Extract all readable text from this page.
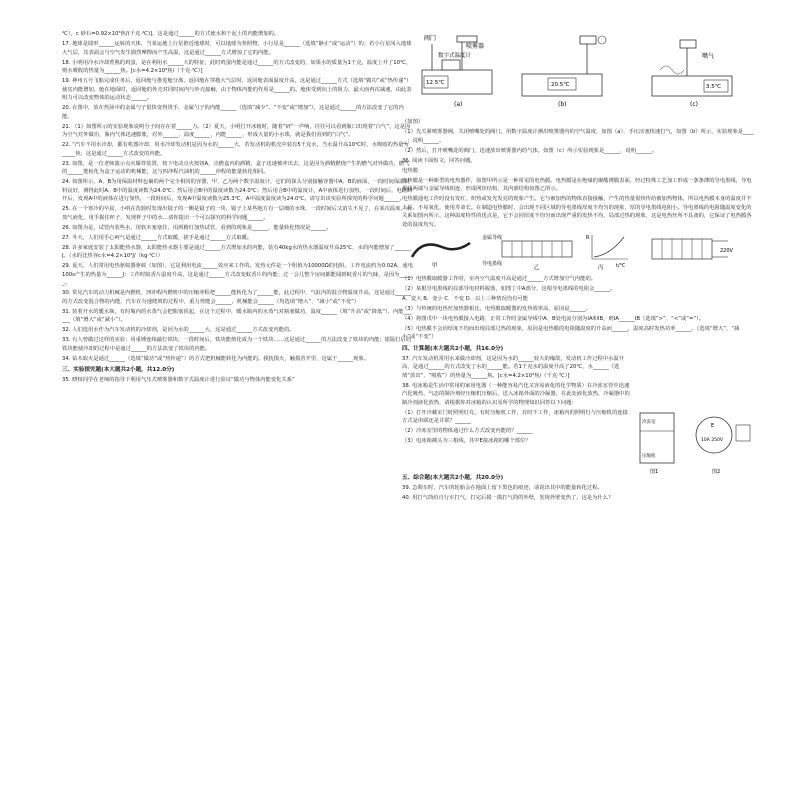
℃），c 砂石=0.92×10³焦/(千克·℃)]，这是通过______的方式使水和干泥土的内能增加的。
17. 地球是圆形______运转的天体，当某运地上行星推近地球时，可以地球为参照物，小行星是______（选填“静止”或“运动”）的；若小行星闯入地球大气层，其表面会与空气发生剧烈摩擦而产生高温，这是通过______方式增加了它的内能。
18. 小明用冷水冷却煮熟的鸡蛋，是在利用水______大的特征，此时鸡蛋内能是通过______的方式改变的，如果水的质量为1千克，温度上升了10℃，则水吸收的热量为______焦。[c水=4.2×10³焦/（千克·℃）]
19. 神州五号飞船完成任务后，返回舱与推进舱分离，返回舱在穿越大气层时，返回舱表面温度升高，这是通过______方式（选填“做功”或“热传递”）使其内能增加，舱在地面时，返回舱的外壳对同时间内与外壳接触，由于物体内能的作用是______的。舱体受到向上的阻力，最大而再次减速，由此表明力可以改变物体的运动状态______。
20. 在图中，放在热汤中的金属勺子很快变得烫手，金属勺子的内能______（选填“减少”、“不变”或“增加”），这是通过______的方法改变了它的内能。
21. （1）如图所示的实验现象说明分子间存在着______力。（2）夏天，小明打开冰箱时，随着“砰”一声响，往往可以看到瓶口出现着“白气”，这是因为空气对外做功，瓶内气体迅速膨胀，对外______，温度______，内能______，形成大量的小水珠，就是我们看到的“白气”。
22. “汽车不用水冷却，都有机器冷却，用水冷却发动机是因为水的______大，若发动机的机壳中装有5千克水，当水温升高10℃时，水吸收的热量为______焦；这是通过______方式改变的内能。
23. 如图，是一位老师演示点火爆炸装置，按下电动点火按钮A，点燃盒内的酒精，盒子迅速被冲出去，这是因为酒精燃烧产生的燃气对外做功，燃气的______能转化为盒子运动的机械能，这与四冲程汽油机的______冲程的能量转化相同。
24. 如图所示，A、B为用保温材料包裹的两个完全相同的容器，甲、乙为两个数字温度计，它们的探头分别接触容器中A、B的液面，一段时间保温材料良好，测得此时A、B中的温度读数为24.0℃；然后用合B中的温度读数为24.0℃；然后用合B中的温度计，A中液体进行加热，一段时间后，电路断开后，发现A中的液体在进行加热，一段时间后，发现A中温度读数为25.3℃，A中温度温度读为24.0℃。请写出该实验所探究的科学问题______。
25. 在一个寒冷的早晨，小明在洗脸时发现出镜子的一侧是镜子的一块，镜子上某些地方有一层细的水珠，一段时间后又消失不见了，在某次温度、水蒸气液化，用手握住杯子，发现杯子中的水…请你提出一个可以探究的科学问题______。
26. 如图为是，试管内装些水，用软木塞塞住，用酒精灯加热试管，看到的现象是______，能量转化情况是______。
27. 冬天，人们用手心呵气是通过______方式取暖，搓手是通过______方式取暖。
28. 许多家庭安装了太阳能热水器，太阳能热水器主要是通过______方式增加水的内能，装有40kg水的热水器温度升高25℃，水的内能增加了______J。（水的比热容c水=4.2×10³J/（kg·℃））
29. 夏天，人们常用电热驱蚊器驱蚊（如图），它是利用电流______效应来工作的。发热元件是一个阻值为10000Ω的电阻，工作电流约为0.02A，通电100s产生的热量为______J；工作时蚊香片温度升高，这是通过______方式改变蚊香片的内能；过一会儿整个房间都能闻到蚊香片的气味，是因为______。
30. 常见汽车的动力机械是内燃机，四冲程内燃机中的压缩冲程把______能转化为了______能，此过程中，气缸内的混合物温度升高，这是通过______的方式改变混合物的内能，汽车在匀速爬坡的过程中，重力势能会______，机械能会______（均选填“增大”、“减小”或“不变”）
31. 装着开水的暖水瓶，有时瓶内的水蒸气会把瓶塞顶起，在这个过程中，暖水瓶内的水蒸气对瓶塞做功，温度______（填“升高”或“降低”），内能______（填“增大”或“减小”）。
32. 人们选用水作为汽车发动机的冷却剂，是因为水的______大，这是通过______方式改变内能的。
33. 有人曾做过这样的实验：用重锤连续敲打铁块，一段时间后，铁块能熔化成为一个铁块……这是通过______的方法改变了铁块的内能；银版打后的铁块能使冷却的过程中是通过______的方法改变了铁块的内能。
34. 钻木取火是通过______（选填“做功”或“热传递”）的方式把机械能转化为内能的。我抚摸火，触摸香开里，这属于______现象。
三、实验探究题(本大题共2小题，共12.0分)
35. 晓权同学在老师的指导下利用气压式喷雾器和数字式温度计进行验证“做功与物体内能变化关系”
阀门
喷雾器
数字式温度计
12.5℃
(a)
20.5℃
(b)
嘴气
3.5℃
(c)
（如图）
（1）先关紧喷雾器阀，关闭喷嘴处的阀门，用数字温度计测出喷雾器内的空气温度，如图（a），手压活塞快速打气，如图（b）所示，实验现象是______；说明______。
（2）然后，打开喷嘴处的阀门，迅速放出喷雾器内的气体，如图（c）所示实验现象是______，说明______。
36. 阅读下面短文，回答问题。
电热膜
电热膜是一种新型的电热器件，如图甲所示是一种常见的电热膜。电热膜是在绝缘的聚酯薄膜表面，经过特殊工艺加工形成一条条薄的导电墨线，导电墨线两端与金属导线相连，形成网状结构，其内部结构如图乙所示。
电热膜通电工作时没有发红、炽热或发光发亮的现象产生。它与被加热的物体直接接触，产生的热量很快传给被加热物体，所以电热膜本身的温度并不太高，不易氧化，使用寿命长。在制造电热膜时，会出现不同区域的导电墨线厚度不均匀的现象，厚的导电墨线电阻小。导电墨线的电阻随温度变化的关系如图丙所示，这种温度特性的优点是，它不会因厚度不均匀而出现严重的发热不均、局部过热的现象，这是电热丝所不具备的，它保证了电热膜各处的温度均匀。
甲
金属导线
导电墨线
乙
R
t/℃
丙
220V
（1）电热膜取暖器工作时，室内空气温度升高是通过______方式增加空气内能的。
（2）某根导电墨线的局部导电材料脱落，如图丁中A部分，这根导电墨线的电阻会______。
A．变大 B．变小 C．不变 D．以上三种情况均有可能
（3）与传统的电热丝加热器相比，电热膜取暖器的发热效率高，原因是______。
（4）将图戊中一块电热膜接入电路，正常工作时金属导线中A、B处电流分别为IA和IB，则IA______IB（选填“>”、“<”或“=”）。
（5）电热膜不会因厚度不均而出现局部过热的现象，原因是电热膜的电阻随温度的升高而______，温度高时发热功率______。（选填“增大”、“减小”或“不变”）
四、计算题(本大题共2小题，共16.0分)
37. 汽车发动机常用水来做冷却剂，这是因为水的______较大的缘故，发动机工作过程中水温升高，是通过______的方式改变了水的______能。若1千克水的温度升高了20℃，水______（选填“放出”、“吸收”）的热量为______焦。[c水=4.2×10³焦/（千克·℃）]
38. 电冰箱是生活中常用的家用电器（一种能容易汽化又容易液化的化学物质）在冷冻室管中迅速汽化吸热，气态的制冷剂经压缩机压缩后，送入冰箱外面的冷凝器，在此处液化放热，冷凝器中的制冷剂液化放热，请根据你对冰箱的认识及所学的物理知识回答以下问题：
（1）打开冷藏室门时照明灯亮，有时压缩机工作，有时不工作，冰箱内的照明灯与压缩机的连接方式是串联还是并联？______
（2）冷冻室里的物体通过什么方式改变内能的？______
（3）电冰箱插头为三根线，其中E接冰箱的哪个部位？
冷冻室
压缩机
图1
E
10A 250V
图2
五、综合题(本大题共2小题，共20.0分)
39. 急刹车时，汽车的轮胎会在地面上留下黑色的痕迹，请说出其中的能量转化过程。
40. 用打气筒给自行车打气，打完后摸一摸打气筒的外壁，发现外壁变热了，这是为什么？
